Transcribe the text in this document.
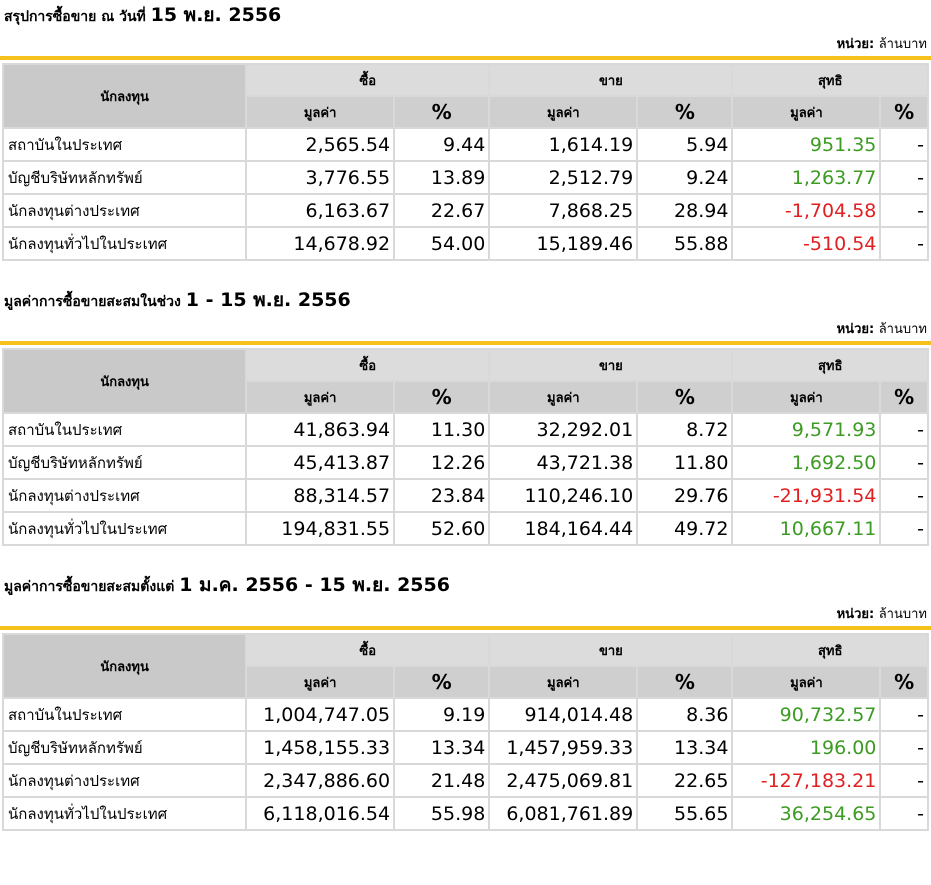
สรุปการซื้อขาย ณ วันที่ 15 พ.ย. 2556
หน่วย: ล้านบาท
นักลงทุน	ซื้อ		ขาย		สุทธิ	
	มูลค่า	%	มูลค่า	%	มูลค่า	%
สถาบันในประเทศ	2,565.54	9.44	1,614.19	5.94	951.35	-
บัญชีบริษัทหลักทรัพย์	3,776.55	13.89	2,512.79	9.24	1,263.77	-
นักลงทุนต่างประเทศ	6,163.67	22.67	7,868.25	28.94	-1,704.58	-
นักลงทุนทั่วไปในประเทศ	14,678.92	54.00	15,189.46	55.88	-510.54	-
มูลค่าการซื้อขายสะสมในช่วง 1 - 15 พ.ย. 2556
หน่วย: ล้านบาท
นักลงทุน	ซื้อ		ขาย		สุทธิ	
	มูลค่า	%	มูลค่า	%	มูลค่า	%
สถาบันในประเทศ	41,863.94	11.30	32,292.01	8.72	9,571.93	-
บัญชีบริษัทหลักทรัพย์	45,413.87	12.26	43,721.38	11.80	1,692.50	-
นักลงทุนต่างประเทศ	88,314.57	23.84	110,246.10	29.76	-21,931.54	-
นักลงทุนทั่วไปในประเทศ	194,831.55	52.60	184,164.44	49.72	10,667.11	-
มูลค่าการซื้อขายสะสมตั้งแต่ 1 ม.ค. 2556 - 15 พ.ย. 2556
หน่วย: ล้านบาท
นักลงทุน	ซื้อ		ขาย		สุทธิ	
	มูลค่า	%	มูลค่า	%	มูลค่า	%
สถาบันในประเทศ	1,004,747.05	9.19	914,014.48	8.36	90,732.57	-
บัญชีบริษัทหลักทรัพย์	1,458,155.33	13.34	1,457,959.33	13.34	196.00	-
นักลงทุนต่างประเทศ	2,347,886.60	21.48	2,475,069.81	22.65	-127,183.21	-
นักลงทุนทั่วไปในประเทศ	6,118,016.54	55.98	6,081,761.89	55.65	36,254.65	-
